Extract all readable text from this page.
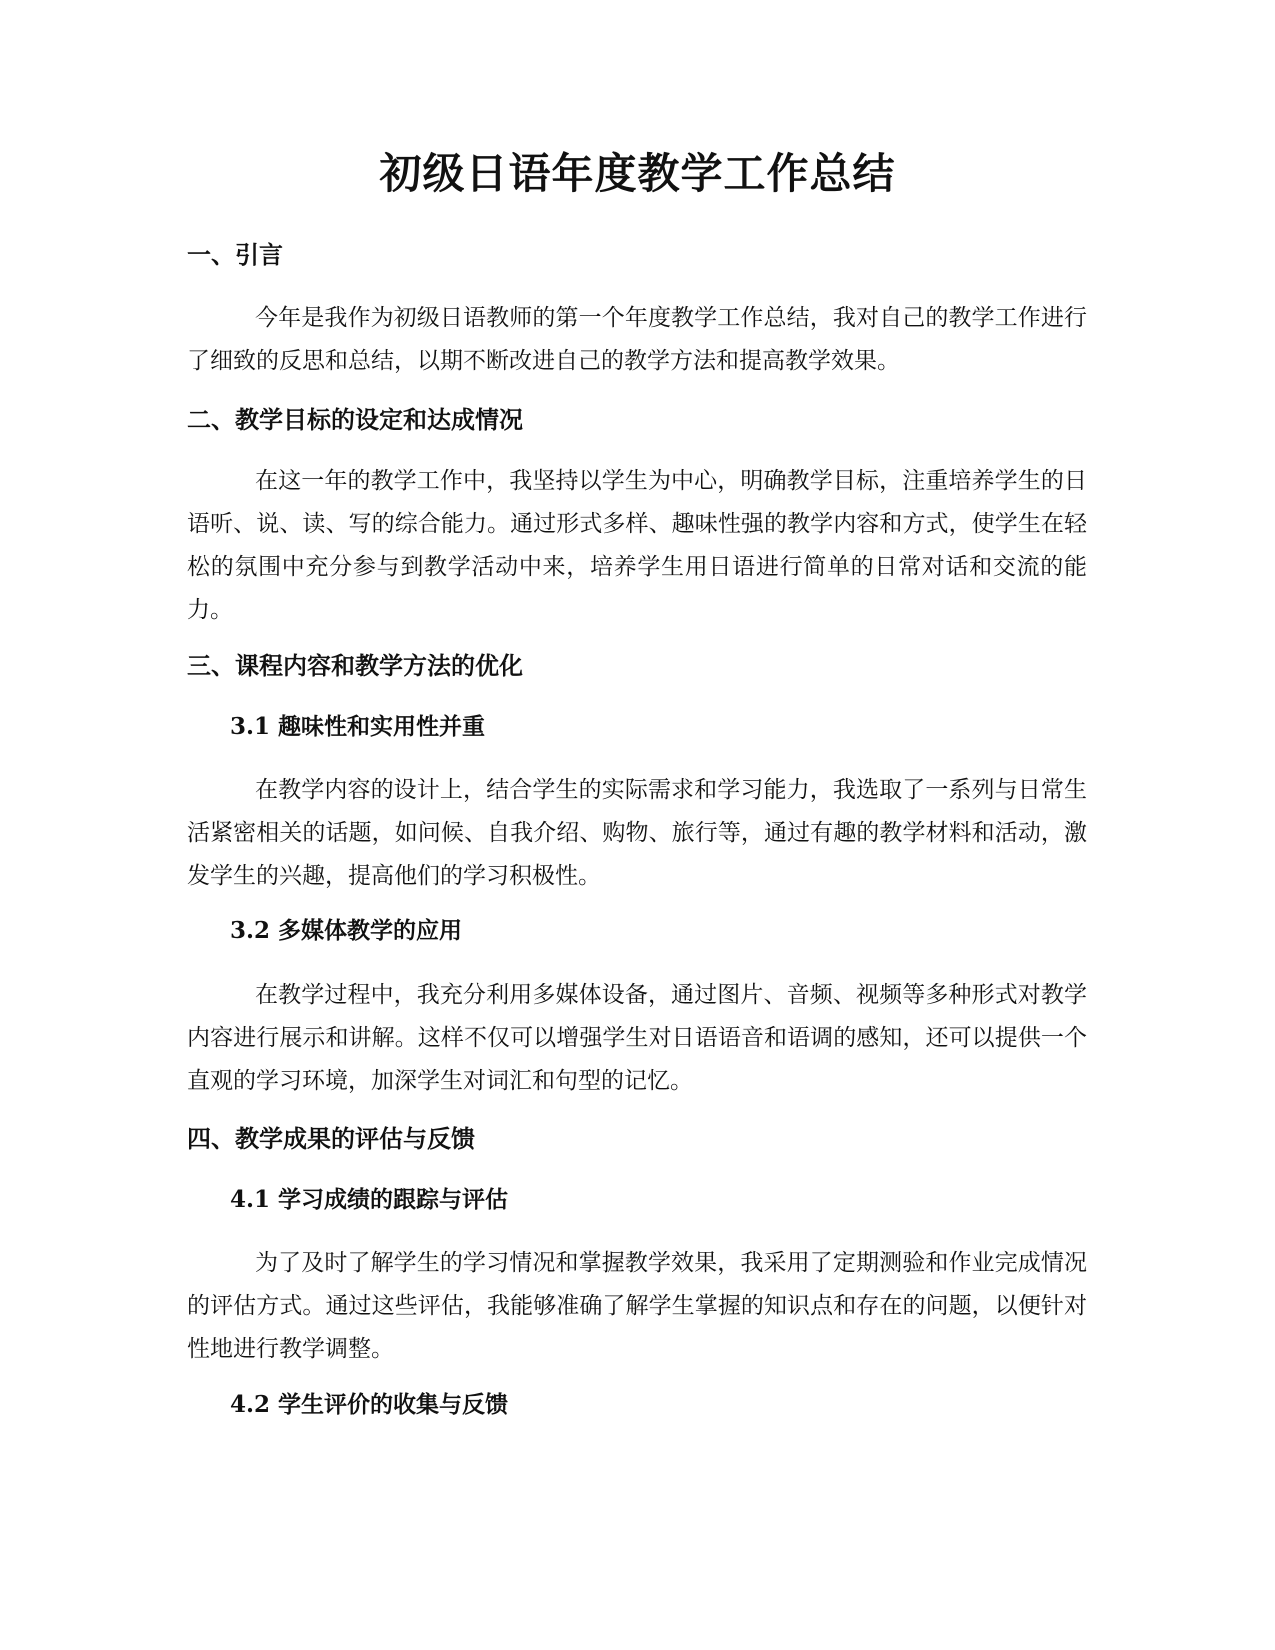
初级日语年度教学工作总结
一、引言

今年是我作为初级日语教师的第一个年度教学工作总结，我对自己的教学工作进行了细致的反思和总结，以期不断改进自己的教学方法和提高教学效果。

二、教学目标的设定和达成情况

在这一年的教学工作中，我坚持以学生为中心，明确教学目标，注重培养学生的日语听、说、读、写的综合能力。通过形式多样、趣味性强的教学内容和方式，使学生在轻松的氛围中充分参与到教学活动中来，培养学生用日语进行简单的日常对话和交流的能力。

三、课程内容和教学方法的优化
3.1 趣味性和实用性并重

在教学内容的设计上，结合学生的实际需求和学习能力，我选取了一系列与日常生活紧密相关的话题，如问候、自我介绍、购物、旅行等，通过有趣的教学材料和活动，激发学生的兴趣，提高他们的学习积极性。

3.2 多媒体教学的应用

在教学过程中，我充分利用多媒体设备，通过图片、音频、视频等多种形式对教学内容进行展示和讲解。这样不仅可以增强学生对日语语音和语调的感知，还可以提供一个直观的学习环境，加深学生对词汇和句型的记忆。

四、教学成果的评估与反馈
4.1 学习成绩的跟踪与评估

为了及时了解学生的学习情况和掌握教学效果，我采用了定期测验和作业完成情况的评估方式。通过这些评估，我能够准确了解学生掌握的知识点和存在的问题，以便针对性地进行教学调整。

4.2 学生评价的收集与反馈
